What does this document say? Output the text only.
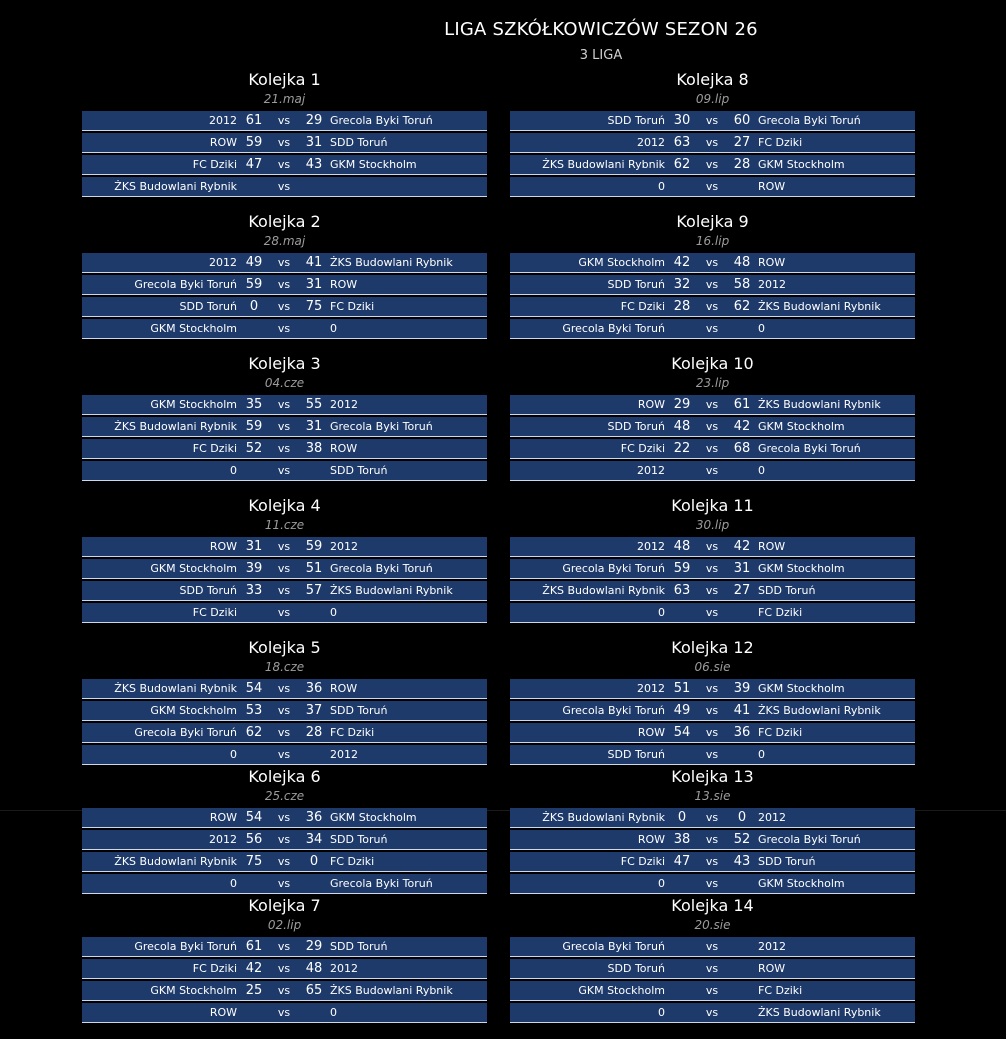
LIGA SZKÓŁKOWICZÓW SEZON 26
3 LIGA
Kolejka 1
21.maj
2012 61	vs	29 Grecola Byki Toruń
ROW 59	vs	31 SDD Toruń
FC Dziki 47	vs	43 GKM Stockholm
ŻKS Budowlani Rybnik	vs
Kolejka 8
09.lip
SDD Toruń 30	vs	60 Grecola Byki Toruń
2012 63	vs	27 FC Dziki
ŻKS Budowlani Rybnik 62	vs	28 GKM Stockholm
0	vs	ROW
Kolejka 2
28.maj
2012 49	vs	41 ŻKS Budowlani Rybnik
Grecola Byki Toruń 59	vs	31 ROW
SDD Toruń 0	vs	75 FC Dziki
GKM Stockholm	vs	0
Kolejka 9
16.lip
GKM Stockholm 42	vs	48 ROW
SDD Toruń 32	vs	58 2012
FC Dziki 28	vs	62 ŻKS Budowlani Rybnik
Grecola Byki Toruń	vs	0
Kolejka 3
04.cze
GKM Stockholm 35	vs	55 2012
ŻKS Budowlani Rybnik 59	vs	31 Grecola Byki Toruń
FC Dziki 52	vs	38 ROW
0	vs	SDD Toruń
Kolejka 10
23.lip
ROW 29	vs	61 ŻKS Budowlani Rybnik
SDD Toruń 48	vs	42 GKM Stockholm
FC Dziki 22	vs	68 Grecola Byki Toruń
2012	vs	0
Kolejka 4
11.cze
ROW 31	vs	59 2012
GKM Stockholm 39	vs	51 Grecola Byki Toruń
SDD Toruń 33	vs	57 ŻKS Budowlani Rybnik
FC Dziki	vs	0
Kolejka 11
30.lip
2012 48	vs	42 ROW
Grecola Byki Toruń 59	vs	31 GKM Stockholm
ŻKS Budowlani Rybnik 63	vs	27 SDD Toruń
0	vs	FC Dziki
Kolejka 5
18.cze
ŻKS Budowlani Rybnik 54	vs	36 ROW
GKM Stockholm 53	vs	37 SDD Toruń
Grecola Byki Toruń 62	vs	28 FC Dziki
0	vs	2012
Kolejka 12
06.sie
2012 51	vs	39 GKM Stockholm
Grecola Byki Toruń 49	vs	41 ŻKS Budowlani Rybnik
ROW 54	vs	36 FC Dziki
SDD Toruń	vs	0
Kolejka 6
25.cze
ROW 54	vs	36 GKM Stockholm
2012 56	vs	34 SDD Toruń
ŻKS Budowlani Rybnik 75	vs	0	FC Dziki
0	vs	Grecola Byki Toruń
Kolejka 13
13.sie
ŻKS Budowlani Rybnik 0	vs	0	2012
ROW 38	vs	52 Grecola Byki Toruń
FC Dziki 47	vs	43 SDD Toruń
0	vs	GKM Stockholm
Kolejka 7
02.lip
Grecola Byki Toruń 61	vs	29 SDD Toruń
FC Dziki 42	vs	48 2012
GKM Stockholm 25	vs	65 ŻKS Budowlani Rybnik
ROW	vs	0
Kolejka 14
20.sie
Grecola Byki Toruń	vs	2012
SDD Toruń	vs	ROW
GKM Stockholm	vs	FC Dziki
0	vs	ŻKS Budowlani Rybnik
